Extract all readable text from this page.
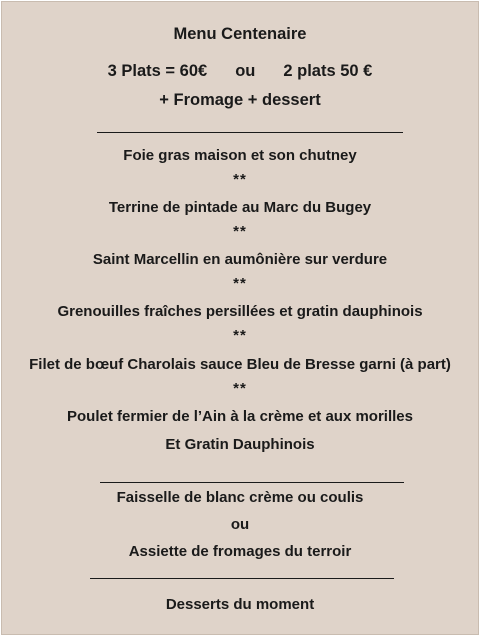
Menu Centenaire
3 Plats = 60€ ou 2 plats 50 €
+ Fromage + dessert
Foie gras maison et son chutney
**
Terrine de pintade au Marc du Bugey
**
Saint Marcellin en aumônière sur verdure
**
Grenouilles fraîches persillées et gratin dauphinois
**
Filet de bœuf Charolais sauce Bleu de Bresse garni (à part)
**
Poulet fermier de l’Ain à la crème et aux morilles
Et Gratin Dauphinois
Faisselle de blanc crème ou coulis
ou
Assiette de fromages du terroir
Desserts du moment
